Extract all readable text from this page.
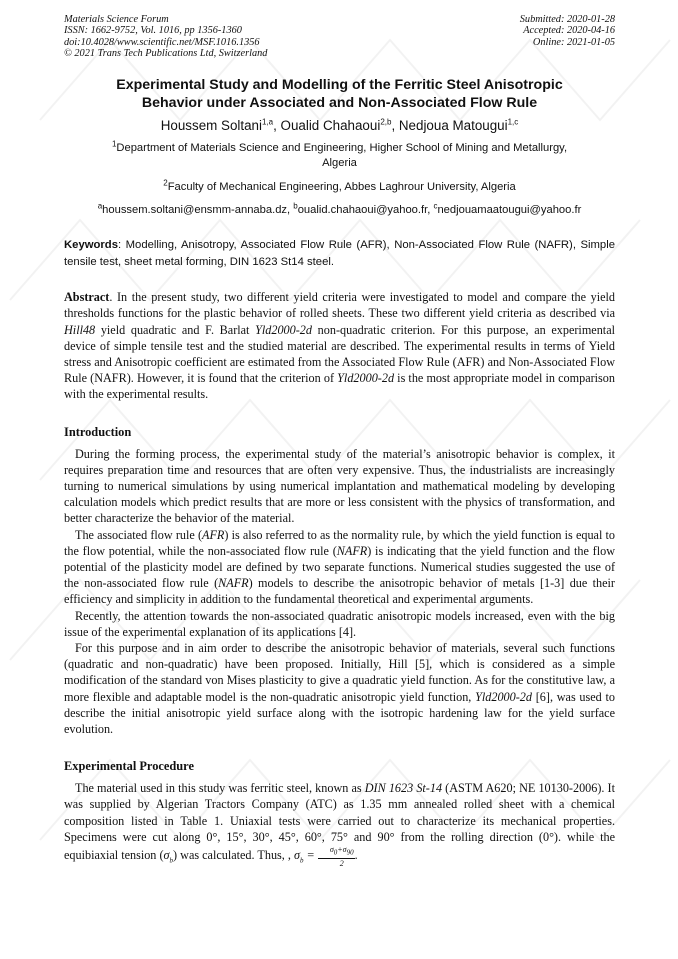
Materials Science Forum
ISSN: 1662-9752, Vol. 1016, pp 1356-1360
doi:10.4028/www.scientific.net/MSF.1016.1356
© 2021 Trans Tech Publications Ltd, Switzerland
Submitted: 2020-01-28
Accepted: 2020-04-16
Online: 2021-01-05
Experimental Study and Modelling of the Ferritic Steel Anisotropic
Behavior under Associated and Non-Associated Flow Rule
Houssem Soltani$^{1,a}$, Oualid Chahaoui$^{2,b}$, Nedjoua Matougui$^{1,c}$
$^1$Department of Materials Science and Engineering, Higher School of Mining and Metallurgy,
Algeria
$^2$Faculty of Mechanical Engineering, Abbes Laghrour University, Algeria
$^a$houssem.soltani@ensmm-annaba.dz, $^b$oualid.chahaoui@yahoo.fr, $^c$nedjouamaatougui@yahoo.fr
Keywords: Modelling, Anisotropy, Associated Flow Rule (AFR), Non-Associated Flow Rule (NAFR), Simple tensile test, sheet metal forming, DIN 1623 St14 steel.

Abstract. In the present study, two different yield criteria were investigated to model and compare the yield thresholds functions for the plastic behavior of rolled sheets. These two different yield criteria as described via Hill48 yield quadratic and F. Barlat Yld2000-2d non-quadratic criterion. For this purpose, an experimental device of simple tensile test and the studied material are described. The experimental results in terms of Yield stress and Anisotropic coefficient are estimated from the Associated Flow Rule (AFR) and Non-Associated Flow Rule (NAFR). However, it is found that the criterion of Yld2000-2d is the most appropriate model in comparison with the experimental results.

Introduction

During the forming process, the experimental study of the material’s anisotropic behavior is complex, it requires preparation time and resources that are often very expensive. Thus, the industrialists are increasingly turning to numerical simulations by using numerical implantation and mathematical modeling by developing calculation models which predict results that are more or less consistent with the physics of transformation, and better characterize the behavior of the material.

The associated flow rule (AFR) is also referred to as the normality rule, by which the yield function is equal to the flow potential, while the non-associated flow rule (NAFR) is indicating that the yield function and the flow potential of the plasticity model are defined by two separate functions. Numerical studies suggested the use of the non-associated flow rule (NAFR) models to describe the anisotropic behavior of metals [1-3] due their efficiency and simplicity in addition to the fundamental theoretical and experimental arguments.

Recently, the attention towards the non-associated quadratic anisotropic models increased, even with the big issue of the experimental explanation of its applications [4].

For this purpose and in aim order to describe the anisotropic behavior of materials, several such functions (quadratic and non-quadratic) have been proposed. Initially, Hill [5], which is considered as a simple modification of the standard von Mises plasticity to give a quadratic yield function. As for the constitutive law, a more flexible and adaptable model is the non-quadratic anisotropic yield function, Yld2000-2d [6], was used to describe the initial anisotropic yield surface along with the isotropic hardening law for the yield surface evolution.

Experimental Procedure

The material used in this study was ferritic steel, known as DIN 1623 St-14 (ASTM A620; NE 10130-2006). It was supplied by Algerian Tractors Company (ATC) as 1.35 mm annealed rolled sheet with a chemical composition listed in Table 1. Uniaxial tests were carried out to characterize its mechanical properties. Specimens were cut along 0°, 15°, 30°, 45°, 60°, 75° and 90° from the rolling direction (0°). while the equibiaxial tension $(\sigma_b)$ was calculated. Thus, , $\sigma_b = \frac{\sigma_0+\sigma_{90}}{2}$ .
